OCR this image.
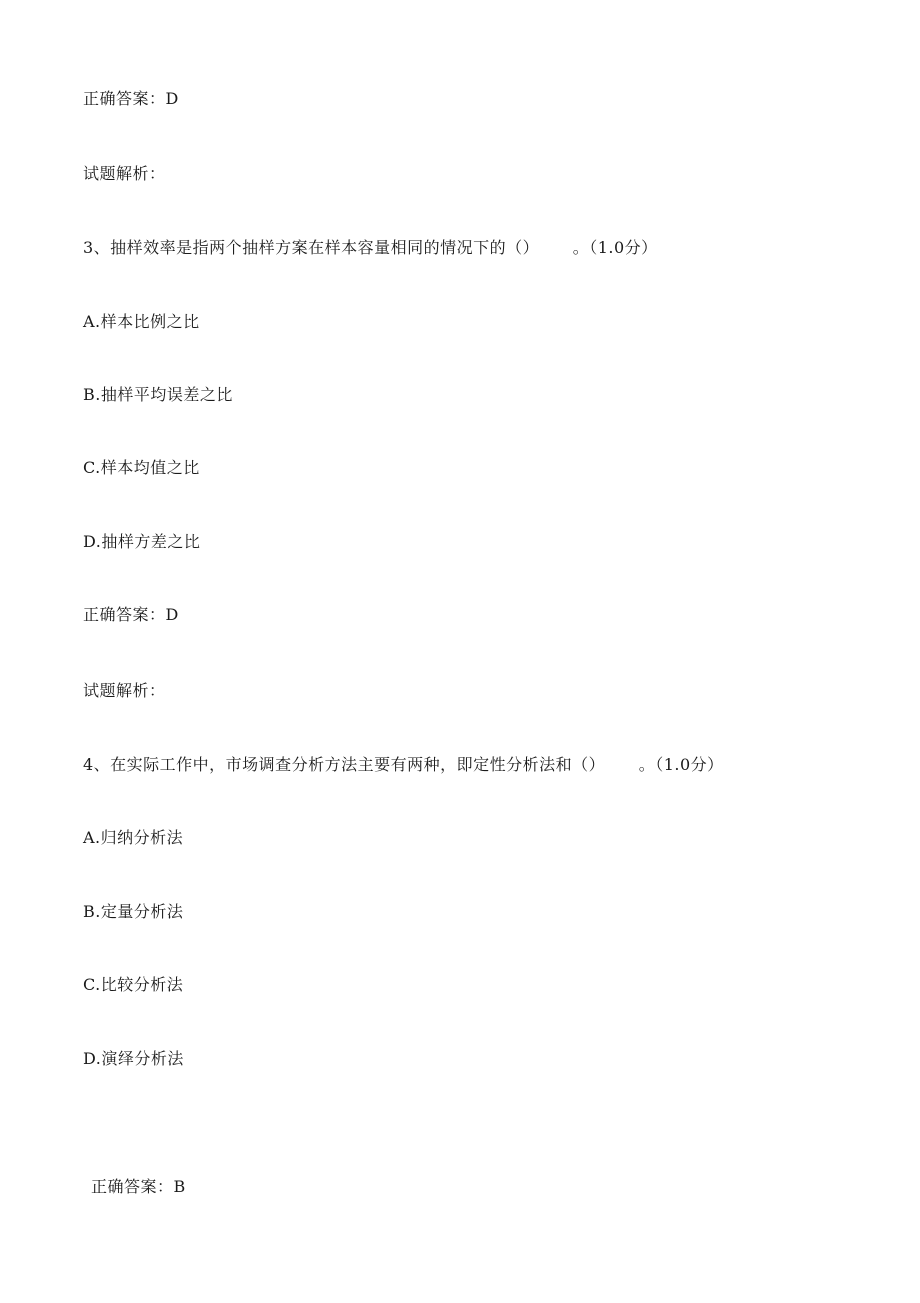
正确答案：D
试题解析：
3、抽样效率是指两个抽样方案在样本容量相同的情况下的（）      。（1.0分）
A.样本比例之比
B.抽样平均误差之比
C.样本均值之比
D.抽样方差之比
正确答案：D
试题解析：
4、在实际工作中，市场调查分析方法主要有两种，即定性分析法和（）      。（1.0分）
A.归纳分析法
B.定量分析法
C.比较分析法
D.演绎分析法
正确答案：B
